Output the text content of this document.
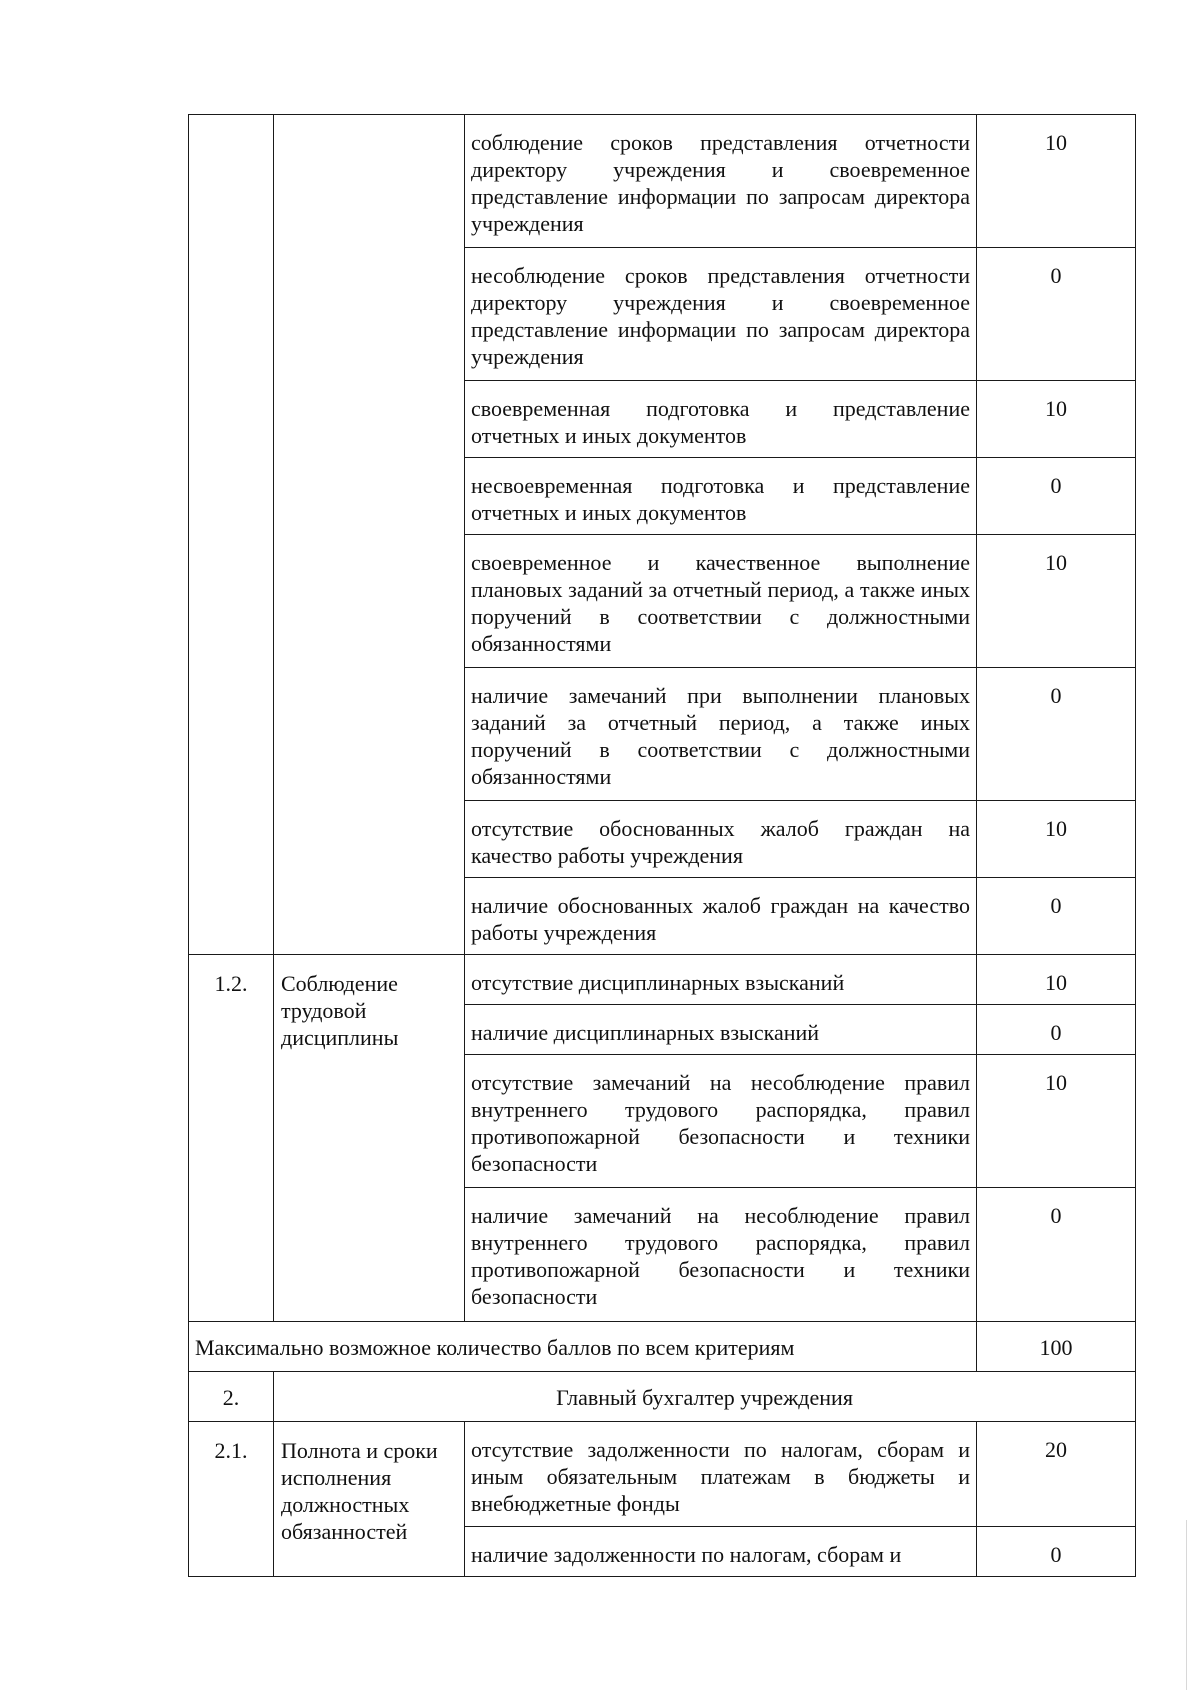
		соблюдение сроков представления отчетности директору учреждения и своевременное представление информации по запросам директора учреждения	10
		несоблюдение сроков представления отчетности директору учреждения и своевременное представление информации по запросам директора учреждения	0
		своевременная подготовка и представление отчетных и иных документов	10
		несвоевременная подготовка и представление отчетных и иных документов	0
		своевременное и качественное выполнение плановых заданий за отчетный период, а также иных поручений в соответствии с должностными обязанностями	10
		наличие замечаний при выполнении плановых заданий за отчетный период, а также иных поручений в соответствии с должностными обязанностями	0
		отсутствие обоснованных жалоб граждан на качество работы учреждения	10
		наличие обоснованных жалоб граждан на качество работы учреждения	0
1.2.	Соблюдение трудовой дисциплины	отсутствие дисциплинарных взысканий	10
		наличие дисциплинарных взысканий	0
		отсутствие замечаний на несоблюдение правил внутреннего трудового распорядка, правил противопожарной безопасности и техники безопасности	10
		наличие замечаний на несоблюдение правил внутреннего трудового распорядка, правил противопожарной безопасности и техники безопасности	0
Максимально возможное количество баллов по всем критериям			100
2.	Главный бухгалтер учреждения		
2.1.	Полнота и сроки исполнения должностных обязанностей	отсутствие задолженности по налогам, сборам и иным обязательным платежам в бюджеты и внебюджетные фонды	20
		наличие задолженности по налогам, сборам и	0
